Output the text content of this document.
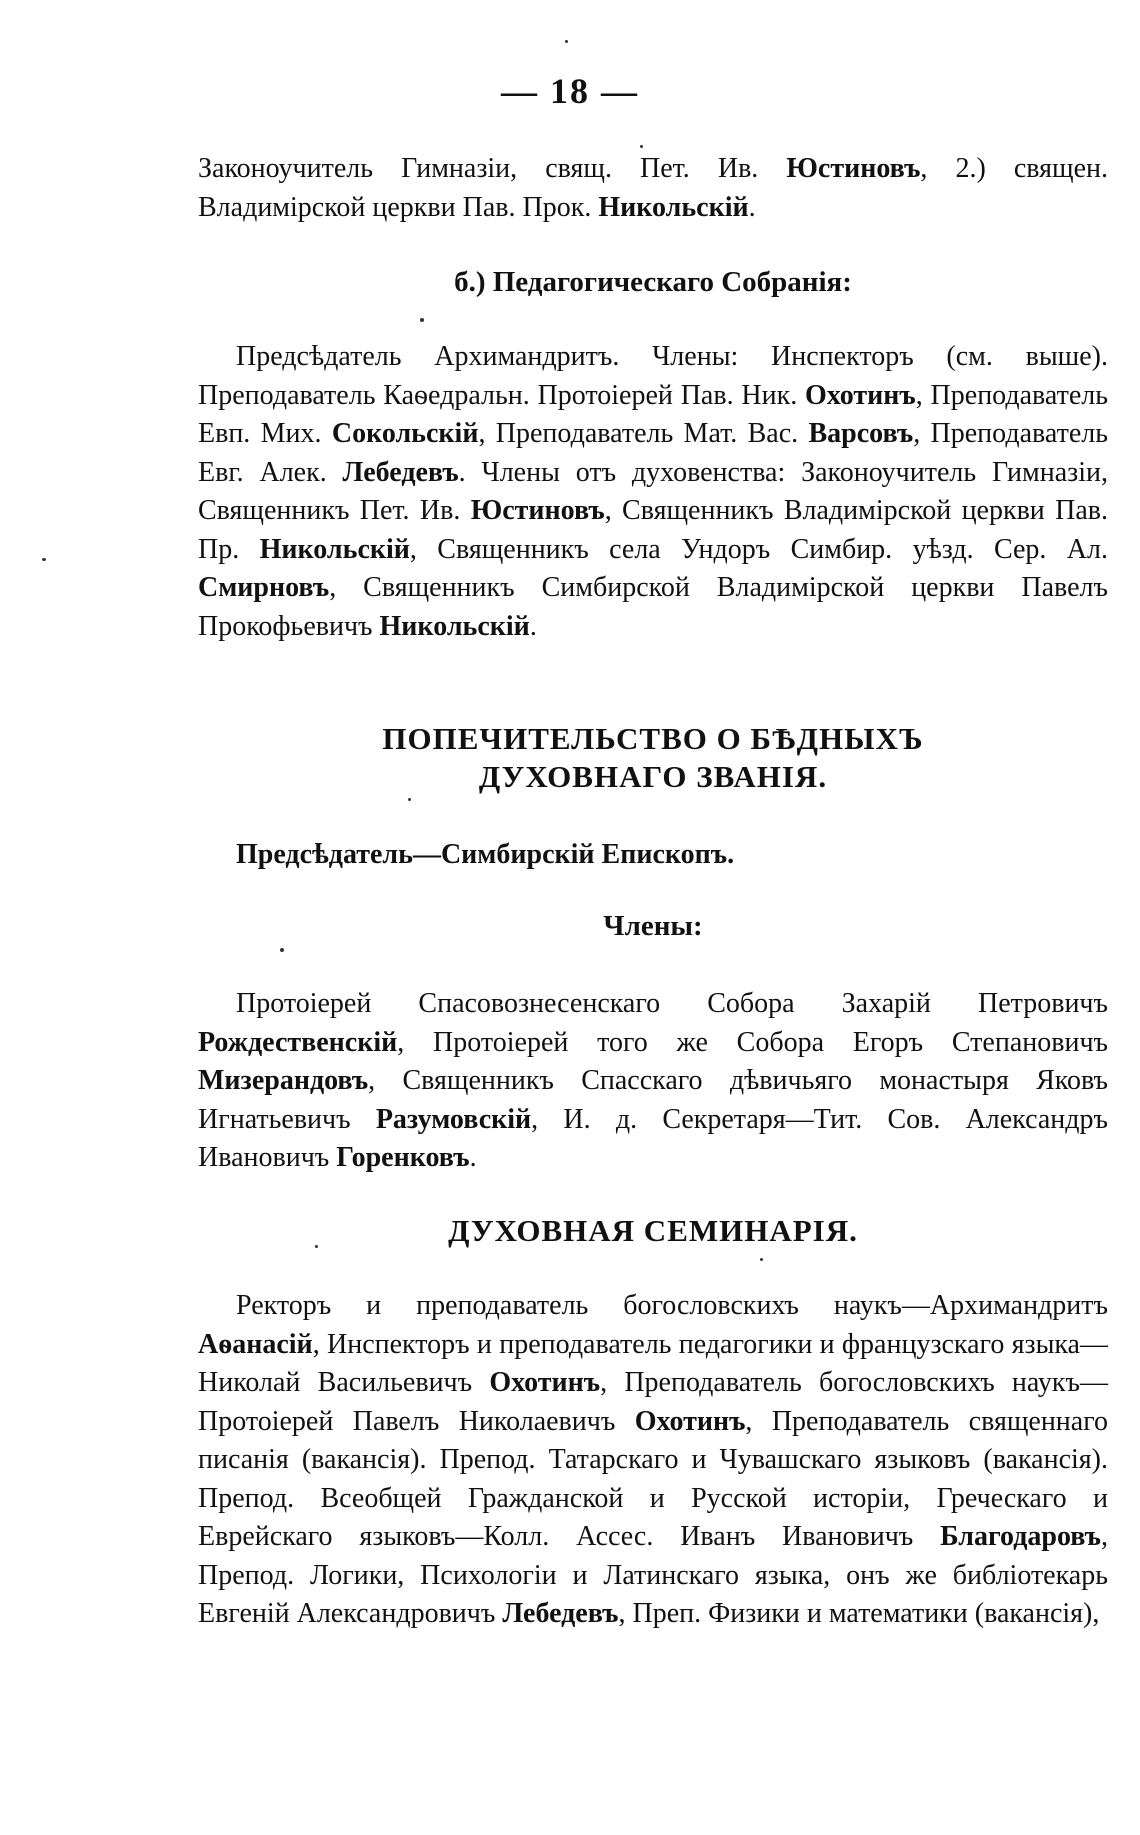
— 18 —
Законоучитель Гимназіи, свящ. Пет. Ив. Юстиновъ, 2.) священ. Владимірской церкви Пав. Прок. Никольскій.
б.) Педагогическаго Собранія:
Предсѣдатель Архимандритъ. Члены: Инспекторъ (см. выше). Преподаватель Каѳедральн. Протоіерей Пав. Ник. Охотинъ, Преподаватель Евп. Мих. Сокольскій, Преподаватель Мат. Вас. Варсовъ, Преподаватель Евг. Алек. Лебедевъ. Члены отъ духовенства: Законоучитель Гимназіи, Священникъ Пет. Ив. Юстиновъ, Священникъ Владимірской церкви Пав. Пр. Никольскій, Священникъ села Ундоръ Симбир. уѣзд. Сер. Ал. Смирновъ, Священникъ Симбирской Владимірской церкви Павелъ Прокофьевичъ Никольскій.
ПОПЕЧИТЕЛЬСТВО О БѢДНЫХЪ ДУХОВНАГО ЗВАНІЯ.
Предсѣдатель—Симбирскій Епископъ.
Члены:
Протоіерей Спасовознесенскаго Собора Захарій Петровичъ Рождественскій, Протоіерей того же Собора Егоръ Степановичъ Мизерандовъ, Священникъ Спасскаго дѣвичьяго монастыря Яковъ Игнатьевичъ Разумовскій, И. д. Секретаря—Тит. Сов. Александръ Ивановичъ Горенковъ.
ДУХОВНАЯ СЕМИНАРІЯ.
Ректоръ и преподаватель богословскихъ наукъ—Архимандритъ Аѳанасій, Инспекторъ и преподаватель педагогики и французскаго языка—Николай Васильевичъ Охотинъ, Преподаватель богословскихъ наукъ—Протоіерей Павелъ Николаевичъ Охотинъ, Преподаватель священнаго писанія (вакансія). Препод. Татарскаго и Чувашскаго языковъ (вакансія). Препод. Всеобщей Гражданской и Русской исторіи, Греческаго и Еврейскаго языковъ—Колл. Ассес. Иванъ Ивановичъ Благодаровъ, Препод. Логики, Психологіи и Латинскаго языка, онъ же библіотекарь Евгеній Александровичъ Лебедевъ, Преп. Физики и математики (вакансія),
